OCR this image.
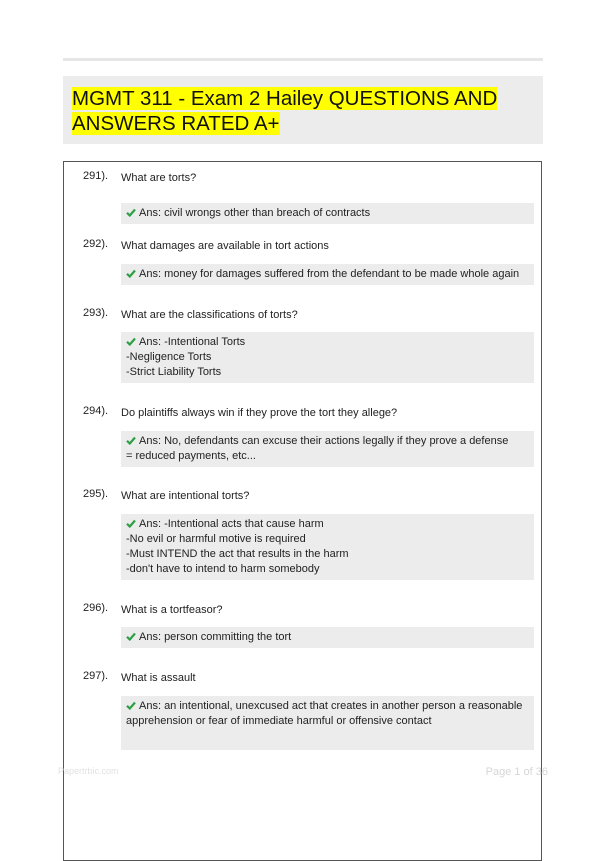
MGMT 311 - Exam 2 Hailey QUESTIONS AND ANSWERS RATED A+
291). What are torts?
Ans: civil wrongs other than breach of contracts
292). What damages are available in tort actions
Ans: money for damages suffered from the defendant to be made whole again
293). What are the classifications of torts?
Ans: -Intentional Torts
-Negligence Torts
-Strict Liability Torts
294). Do plaintiffs always win if they prove the tort they allege?
Ans: No, defendants can excuse their actions legally if they prove a defense
= reduced payments, etc...
295). What are intentional torts?
Ans: -Intentional acts that cause harm
-No evil or harmful motive is required
-Must INTEND the act that results in the harm
-don't have to intend to harm somebody
296). What is a tortfeasor?
Ans: person committing the tort
297). What is assault
Ans: an intentional, unexcused act that creates in another person a reasonable
apprehension or fear of immediate harmful or offensive contact
Papertrbic.com	Page 1 of 36
